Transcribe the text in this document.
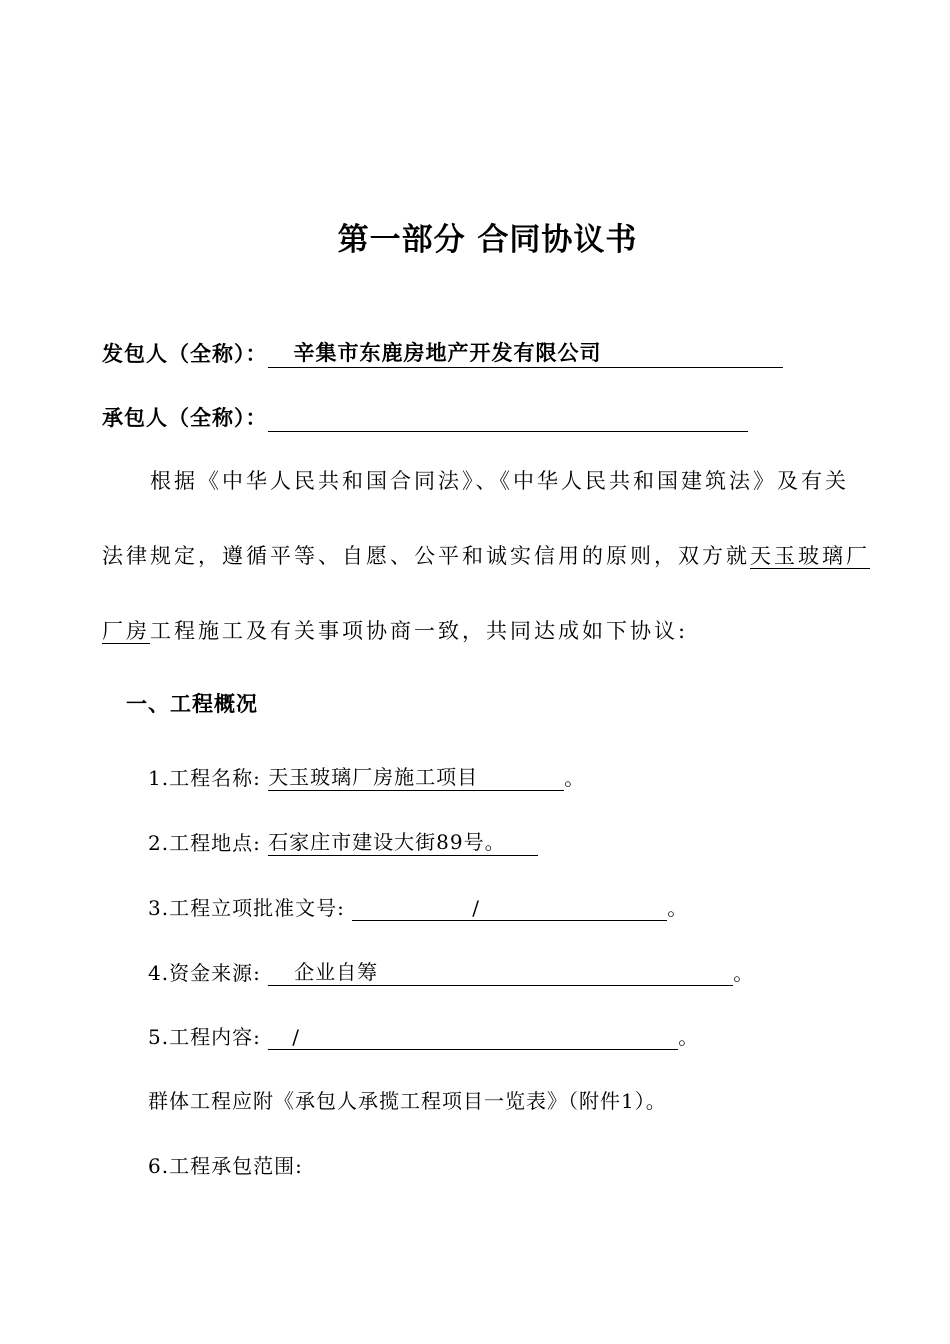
第一部分 合同协议书
发包人（全称）： 辛集市东鹿房地产开发有限公司
承包人（全称）：
根据《中华人民共和国合同法》、《中华人民共和国建筑法》及有关
法律规定，遵循平等、自愿、公平和诚实信用的原则，双方就天玉玻璃厂
厂房工程施工及有关事项协商一致，共同达成如下协议:
一、工程概况
1.工程名称: 天玉玻璃厂房施工项目	。
2.工程地点: 石家庄市建设大街89号。
3.工程立项批准文号:	/	。
4.资金来源: 企业自筹	。
5.工程内容: /	。
群体工程应附《承包人承揽工程项目一览表》（附件1）。
6.工程承包范围:
